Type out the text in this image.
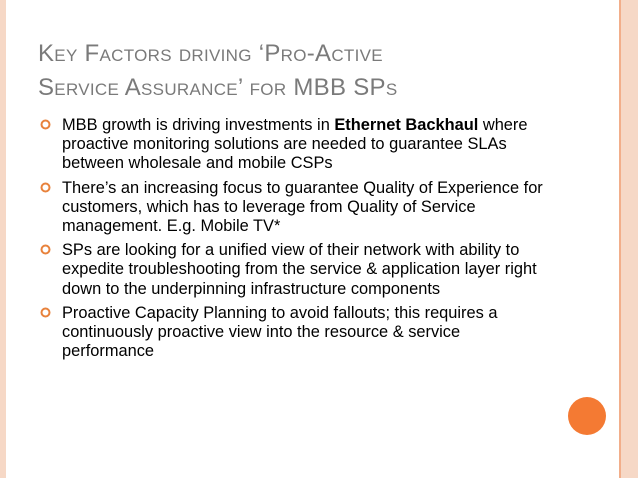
Key Factors driving ‘Pro-Active
Service Assurance’ for MBB SPs
MBB growth is driving investments in Ethernet Backhaul where proactive monitoring solutions are needed to guarantee SLAs between wholesale and mobile CSPs
There’s an increasing focus to guarantee Quality of Experience for customers, which has to leverage from Quality of Service management. E.g. Mobile TV*
SPs are looking for a unified view of their network with ability to expedite troubleshooting from the service & application layer right down to the underpinning infrastructure components
Proactive Capacity Planning to avoid fallouts; this requires a continuously proactive view into the resource & service performance
